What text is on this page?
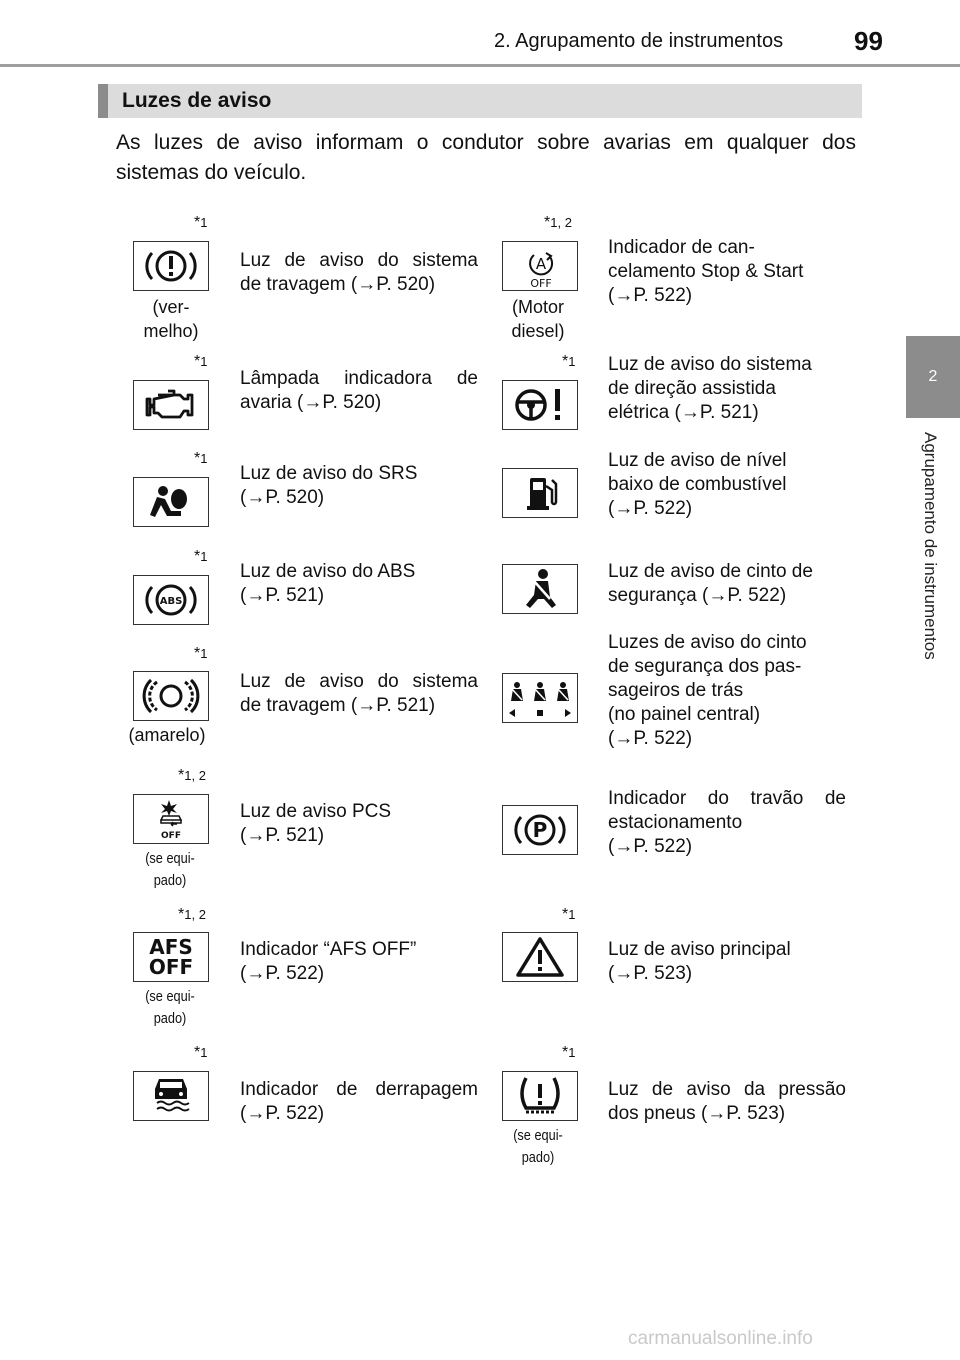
2. Agrupamento de instrumentos	99
2
Agrupamento de instrumentos
Luzes de aviso
As luzes de aviso informam o condutor sobre avarias em qualquer dos sistemas do veículo.
*1
(ver-
melho)
Luz de aviso do sistema

de travagem (→P. 520)
*1
Lâmpada indicadora de

avaria (→P. 520)
*1
Luz de aviso do SRS
(→P. 520)
*1
ABS
Luz de aviso do ABS
(→P. 521)
*1
(amarelo)
Luz de aviso do sistema

de travagem (→P. 521)
*1, 2
OFF
(se equi-
pado)
Luz de aviso PCS
(→P. 521)
*1, 2
AFS
OFF
(se equi-
pado)
Indicador “AFS OFF”
(→P. 522)
*1
Indicador de derrapagem

(→P. 522)
*1, 2
A
OFF
(Motor
diesel)
Indicador de can-
celamento Stop & Start
(→P. 522)
*1 Luz de aviso do sistema
de direção assistida
elétrica (→P. 521)
Luz de aviso de nível
baixo de combustível
(→P. 522)
Luz de aviso de cinto de
segurança (→P. 522)
Luzes de aviso do cinto
de segurança dos pas-
sageiros de trás
(no painel central)
(→P. 522)
P
Indicador do travão de

estacionamento
(→P. 522)
*1
Luz de aviso principal
(→P. 523)
*1
(se equi-
pado)
Luz de aviso da pressão

dos pneus (→P. 523)
carmanualsonline.info
